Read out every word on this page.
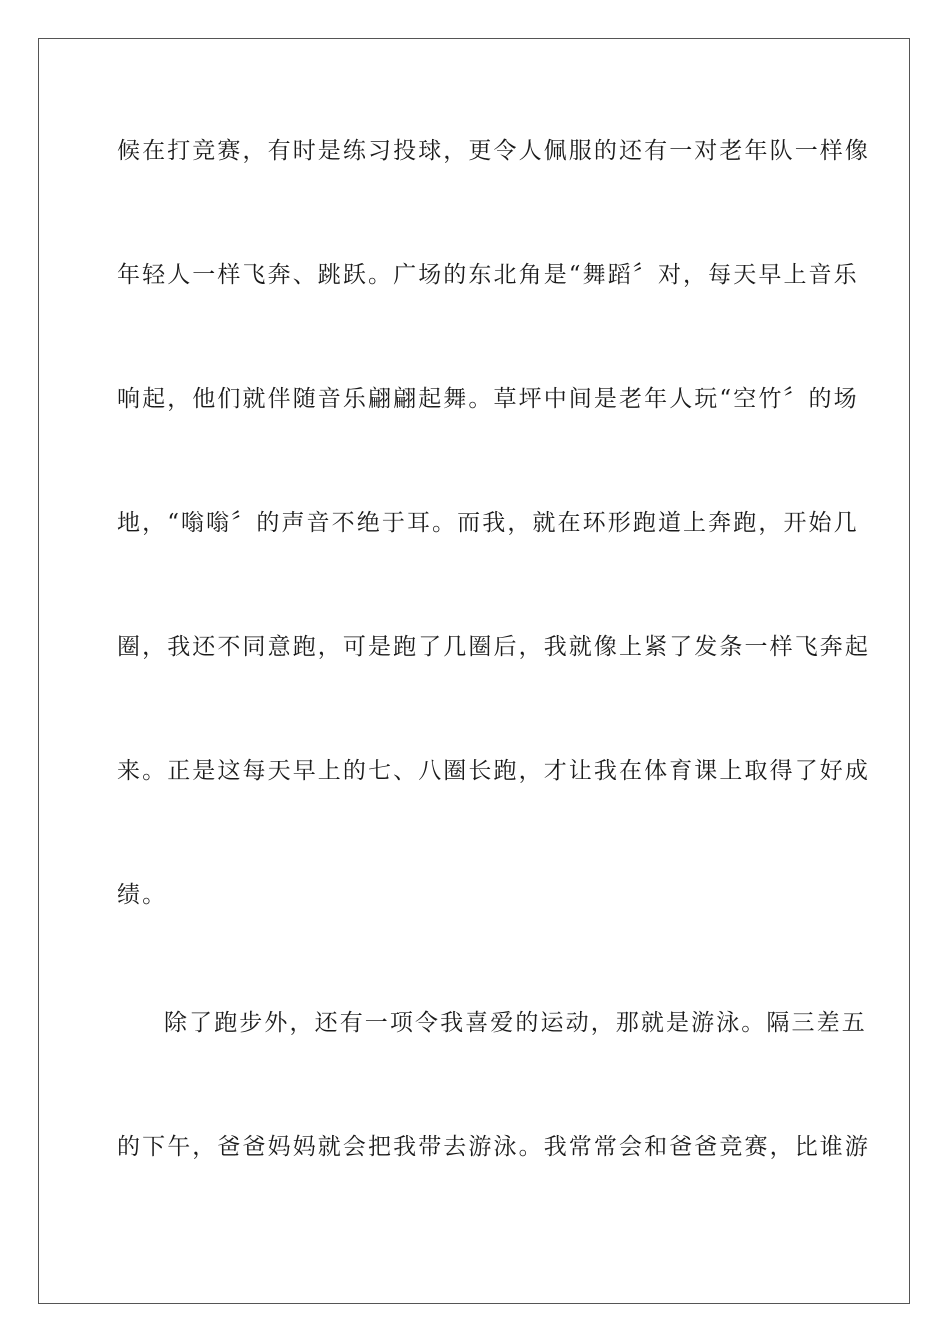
候在打竞赛，有时是练习投球，更令人佩服的还有一对老年队一样像
年轻人一样飞奔、跳跃。广场的东北角是“舞蹈〞对，每天早上音乐
响起，他们就伴随音乐翩翩起舞。草坪中间是老年人玩“空竹〞的场
地，“嗡嗡〞的声音不绝于耳。而我，就在环形跑道上奔跑，开始几
圈，我还不同意跑，可是跑了几圈后，我就像上紧了发条一样飞奔起
来。正是这每天早上的七、八圈长跑，才让我在体育课上取得了好成
绩。
除了跑步外，还有一项令我喜爱的运动，那就是游泳。隔三差五
的下午，爸爸妈妈就会把我带去游泳。我常常会和爸爸竞赛，比谁游
